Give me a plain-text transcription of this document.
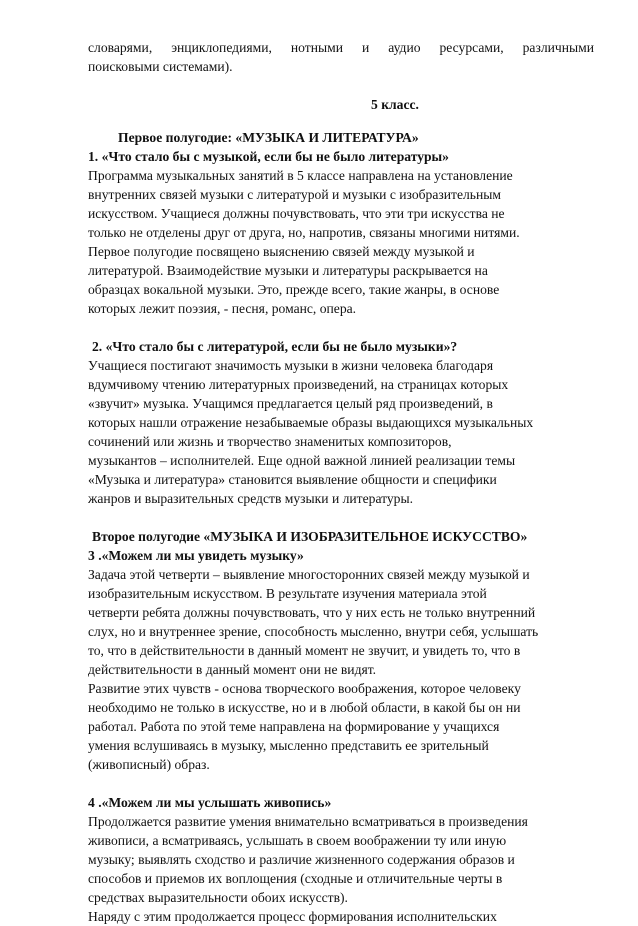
словарями, энциклопедиями, нотными и аудио ресурсами, различными

поисковыми системами).

5 класс.

Первое полугодие: «МУЗЫКА И ЛИТЕРАТУРА»

1. «Что стало бы с музыкой, если бы не было литературы»

Программа музыкальных занятий в 5 классе направлена на установление
внутренних связей музыки с литературой и музыки с изобразительным
искусством. Учащиеся должны почувствовать, что эти три искусства не
только не отделены друг от друга, но, напротив, связаны многими нитями.
Первое полугодие посвящено выяснению связей между музыкой и
литературой. Взаимодействие музыки и литературы раскрывается на
образцах вокальной музыки. Это, прежде всего, такие жанры, в основе
которых лежит поэзия, - песня, романс, опера.

2. «Что стало бы с литературой, если бы не было музыки»?

Учащиеся постигают значимость музыки в жизни человека благодаря
вдумчивому чтению литературных произведений, на страницах которых
«звучит» музыка. Учащимся предлагается целый ряд произведений, в
которых нашли отражение незабываемые образы выдающихся музыкальных
сочинений или жизнь и творчество знаменитых композиторов,
музыкантов – исполнителей. Еще одной важной линией реализации темы
«Музыка и литература» становится выявление общности и специфики
жанров и выразительных средств музыки и литературы.

Второе полугодие «МУЗЫКА И ИЗОБРАЗИТЕЛЬНОЕ ИСКУССТВО»

3 .«Можем ли мы увидеть музыку»

Задача этой четверти – выявление многосторонних связей между музыкой и
изобразительным искусством. В результате изучения материала этой
четверти ребята должны почувствовать, что у них есть не только внутренний
слух, но и внутреннее зрение, способность мысленно, внутри себя, услышать
то, что в действительности в данный момент не звучит, и увидеть то, что в
действительности в данный момент они не видят.
Развитие этих чувств - основа творческого воображения, которое человеку
необходимо не только в искусстве, но и в любой области, в какой бы он ни
работал. Работа по этой теме направлена на формирование у учащихся
умения вслушиваясь в музыку, мысленно представить ее зрительный
(живописный) образ.

4 .«Можем ли мы услышать живопись»

Продолжается развитие умения внимательно всматриваться в произведения
живописи, а всматриваясь, услышать в своем воображении ту или иную
музыку; выявлять сходство и различие жизненного содержания образов и
способов и приемов их воплощения (сходные и отличительные черты в
средствах выразительности обоих искусств).
Наряду с этим продолжается процесс формирования исполнительских
